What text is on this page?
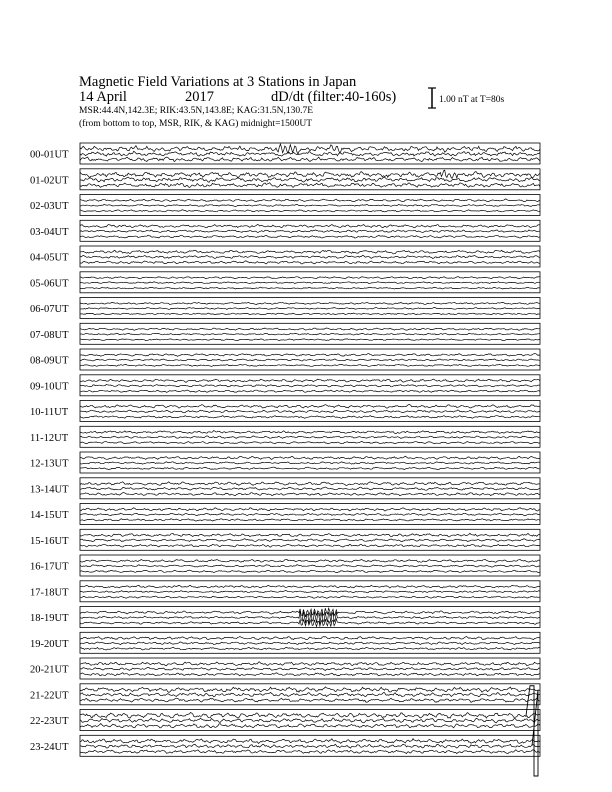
Magnetic Field Variations at 3 Stations in Japan
14 April	2017	dD/dt (filter:40-160s)
MSR:44.4N,142.3E; RIK:43.5N,143.8E; KAG:31.5N,130.7E
(from bottom to top, MSR, RIK, & KAG) midnight=1500UT
1.00 nT at T=80s
00-01UT
01-02UT
02-03UT
03-04UT
04-05UT
05-06UT
06-07UT
07-08UT
08-09UT
09-10UT
10-11UT
11-12UT
12-13UT
13-14UT
14-15UT
15-16UT
16-17UT
17-18UT
18-19UT
19-20UT
20-21UT
21-22UT
22-23UT
23-24UT
